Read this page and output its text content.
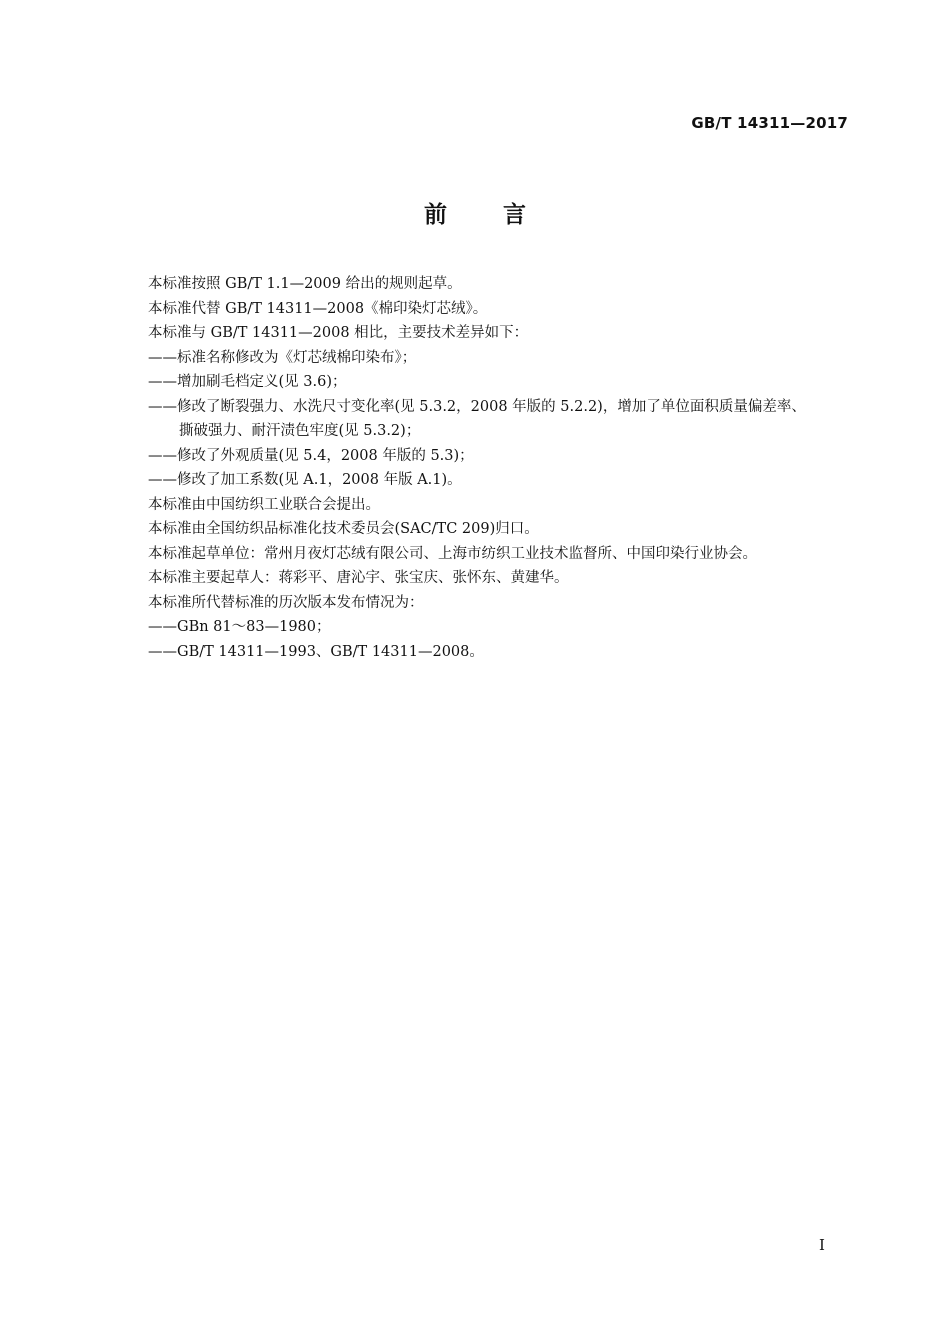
GB/T 14311—2017
前言
本标准按照 GB/T 1.1—2009 给出的规则起草。
本标准代替 GB/T 14311—2008《棉印染灯芯绒》。
本标准与 GB/T 14311—2008 相比，主要技术差异如下：
——标准名称修改为《灯芯绒棉印染布》；
——增加刷毛档定义(见 3.6)；
——修改了断裂强力、水洗尺寸变化率(见 5.3.2，2008 年版的 5.2.2)，增加了单位面积质量偏差率、
撕破强力、耐汗渍色牢度(见 5.3.2)；
——修改了外观质量(见 5.4，2008 年版的 5.3)；
——修改了加工系数(见 A.1，2008 年版 A.1)。
本标准由中国纺织工业联合会提出。
本标准由全国纺织品标准化技术委员会(SAC/TC 209)归口。
本标准起草单位：常州月夜灯芯绒有限公司、上海市纺织工业技术监督所、中国印染行业协会。
本标准主要起草人：蒋彩平、唐沁宇、张宝庆、张怀东、黄建华。
本标准所代替标准的历次版本发布情况为：
——GBn 81～83—1980；
——GB/T 14311—1993、GB/T 14311—2008。
I
